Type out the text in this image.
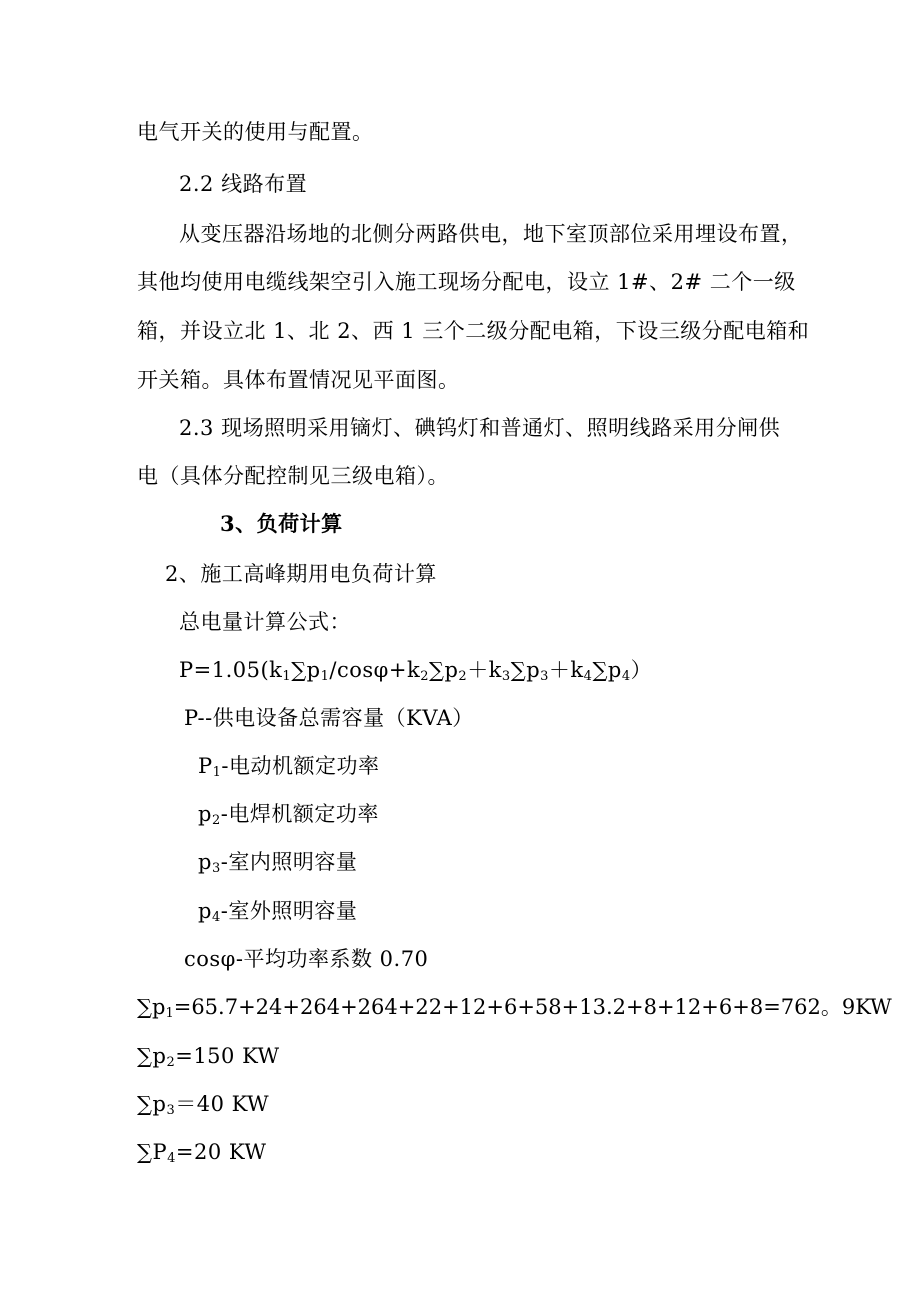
电气开关的使用与配置。
2.2 线路布置
从变压器沿场地的北侧分两路供电，地下室顶部位采用埋设布置，
其他均使用电缆线架空引入施工现场分配电，设立 1#、2# 二个一级
箱，并设立北 1、北 2、西 1 三个二级分配电箱，下设三级分配电箱和
开关箱。具体布置情况见平面图。
2.3 现场照明采用镝灯、碘钨灯和普通灯、照明线路采用分闸供
电（具体分配控制见三级电箱）。
3、负荷计算
2、施工高峰期用电负荷计算
总电量计算公式：
$P=1.05(k_1\sum p_1/\cos\varphi+k_2\sum p_2+k_3\sum p_3+k_4\sum p_4)$
P--供电设备总需容量（KVA）
$P_1-$电动机额定功率
$p_2-$电焊机额定功率
$p_3-$室内照明容量
$p_4-$室外照明容量
cosφ-平均功率系数 0.70
$\sum p_1=65.7+24+264+264+22+12+6+58+13.2+8+12+6+8=762$。9KW
$\sum p_2=150$ KW
$\sum p_3=40$ KW
$\sum P_4=20$ KW
